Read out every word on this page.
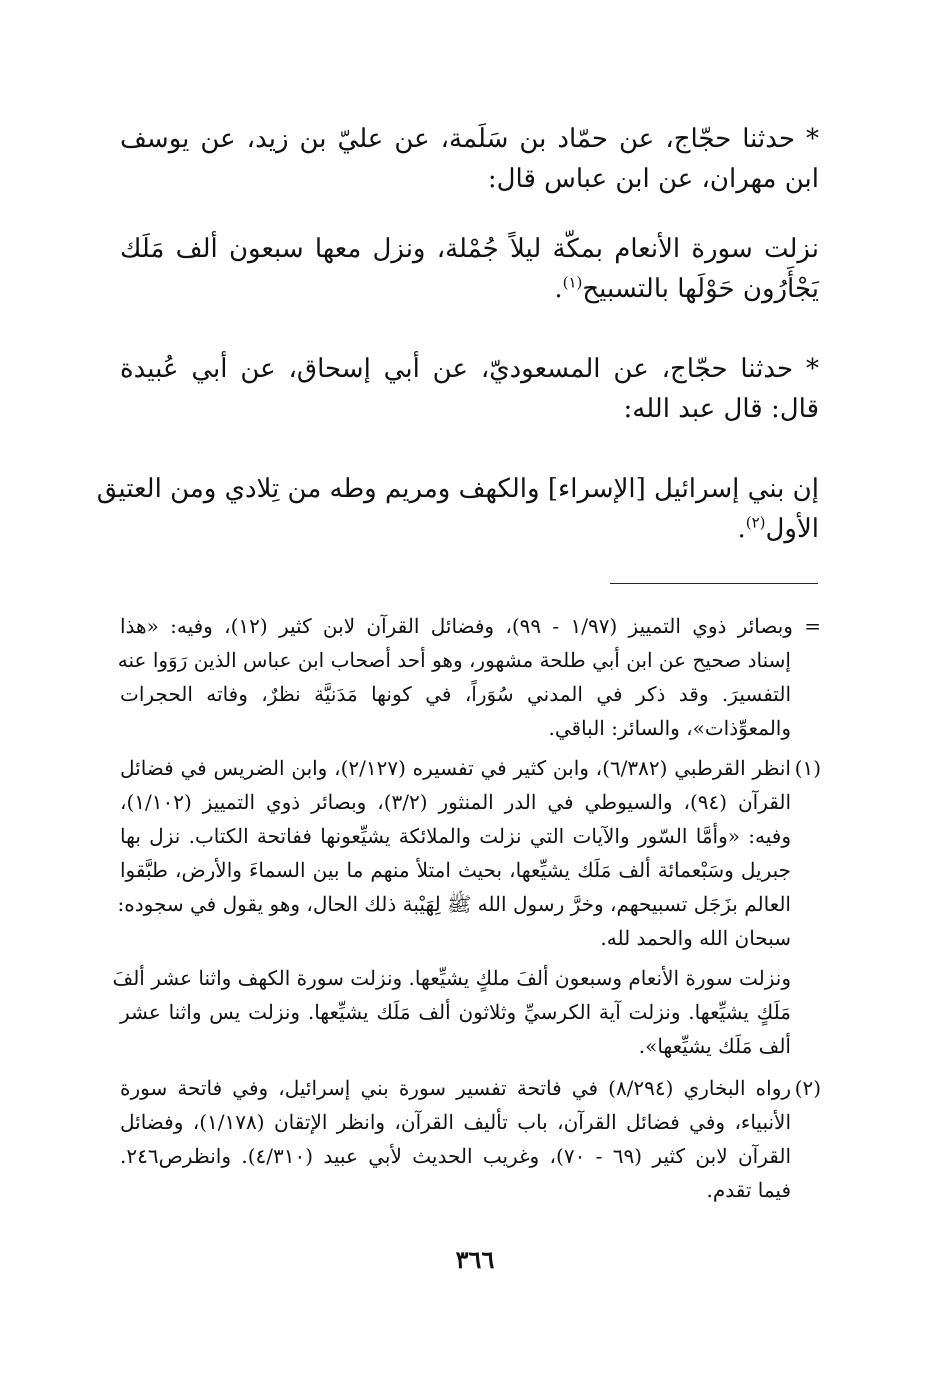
* حدثنا حجّاج، عن حمّاد بن سَلَمة، عن عليّ بن زيد، عن يوسف
ابن مهران، عن ابن عباس قال:
نزلت سورة الأنعام بمكّة ليلاً جُمْلة، ونزل معها سبعون ألف مَلَك
يَجْأَرُون حَوْلَها بالتسبيح$^{(١)}$.
* حدثنا حجّاج، عن المسعوديّ، عن أبي إسحاق، عن أبي عُبيدة
قال: قال عبد الله:
إن بني إسرائيل [الإسراء] والكهف ومريم وطه من تِلادي ومن العتيق
الأول$^{(٢)}$.
= وبصائر ذوي التمييز (١/٩٧ - ٩٩)، وفضائل القرآن لابن كثير (١٢)، وفيه: «هذا
إسناد صحيح عن ابن أبي طلحة مشهور، وهو أحد أصحاب ابن عباس الذين رَوَوا عنه
التفسيرَ. وقد ذكر في المدني سُوَراً، في كونها مَدَنيَّة نظرٌ، وفاته الحجرات
والمعوِّذات»، والسائر: الباقي.
(١)
انظر القرطبي (٦/٣٨٢)، وابن كثير في تفسيره (٢/١٢٧)، وابن الضريس في فضائل
القرآن (٩٤)، والسيوطي في الدر المنثور (٣/٢)، وبصائر ذوي التمييز (١/١٠٢)،
وفيه: «وأمَّا السّور والآيات التي نزلت والملائكة يشيِّعونها ففاتحة الكتاب. نزل بها
جبريل وسَبْعمائة ألف مَلَك يشيِّعها، بحيث امتلأ منهم ما بين السماءَ والأرض، طبَّقوا
العالم بزَجَل تسبيحهم، وخرَّ رسول الله ﷺ لِهَيْبة ذلك الحال، وهو يقول في سجوده:
سبحان الله والحمد لله.
ونزلت سورة الأنعام وسبعون ألفَ ملكٍ يشيِّعها. ونزلت سورة الكهف واثنا عشر ألفَ
مَلَكٍ يشيِّعها. ونزلت آية الكرسيِّ وثلاثون ألف مَلَك يشيِّعها. ونزلت يس واثنا عشر
ألف مَلَك يشيِّعها».
(٢)
رواه البخاري (٨/٢٩٤) في فاتحة تفسير سورة بني إسرائيل، وفي فاتحة سورة
الأنبياء، وفي فضائل القرآن، باب تأليف القرآن، وانظر الإتقان (١/١٧٨)، وفضائل
القرآن لابن كثير (٦٩ - ٧٠)، وغريب الحديث لأبي عبيد (٤/٣١٠). وانظرص٢٤٦.
فيما تقدم.
٣٦٦
